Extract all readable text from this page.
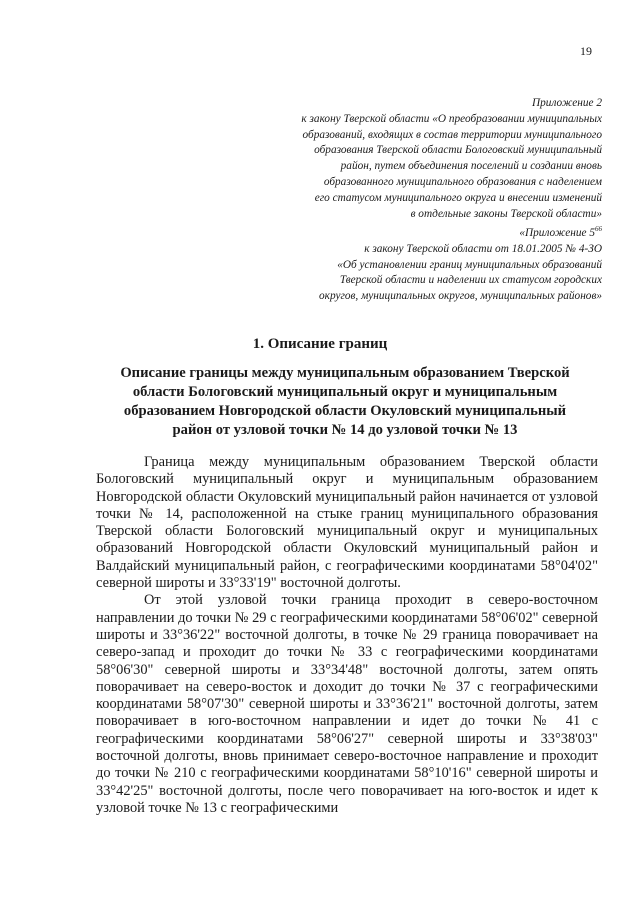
19

Приложение 2

к закону Тверской области «О преобразовании муниципальных

образований, входящих в состав территории муниципального

образования Тверской области Бологовский муниципальный

район, путем объединения поселений и создании вновь

образованного муниципального образования с наделением

его статусом муниципального округа и внесении изменений

в отдельные законы Тверской области»

«Приложение $5^{66}$

к закону Тверской области от 18.01.2005 № 4-ЗО

«Об установлении границ муниципальных образований

Тверской области и наделении их статусом городских

округов, муниципальных округов, муниципальных районов»

1. Описание границ

Описание границы между муниципальным образованием Тверской

области Бологовский муниципальный округ и муниципальным

образованием Новгородской области Окуловский муниципальный

район от узловой точки № 14 до узловой точки № 13

Граница между муниципальным образованием Тверской области Бологовский муниципальный округ и муниципальным образованием Новгородской области Окуловский муниципальный район начинается от узловой точки № 14, расположенной на стыке границ муниципального образования Тверской области Бологовский муниципальный округ и муниципальных образований Новгородской области Окуловский муниципальный район и Валдайский муниципальный район, с географическими координатами 58°04'02" северной широты и 33°33'19" восточной долготы.

От этой узловой точки граница проходит в северо-восточном направлении до точки № 29 с географическими координатами 58°06'02" северной широты и 33°36'22" восточной долготы, в точке № 29 граница поворачивает на северо-запад и проходит до точки № 33 с географическими координатами 58°06'30" северной широты и 33°34'48" восточной долготы, затем опять поворачивает на северо-восток и доходит до точки № 37 с географическими координатами 58°07'30" северной широты и 33°36'21" восточной долготы, затем поворачивает в юго-восточном направлении и идет до точки № 41 с географическими координатами 58°06'27" северной широты и 33°38'03" восточной долготы, вновь принимает северо-восточное направление и проходит до точки № 210 с географическими координатами 58°10'16" северной широты и 33°42'25" восточной долготы, после чего поворачивает на юго-восток и идет к узловой точке № 13 с географическими
